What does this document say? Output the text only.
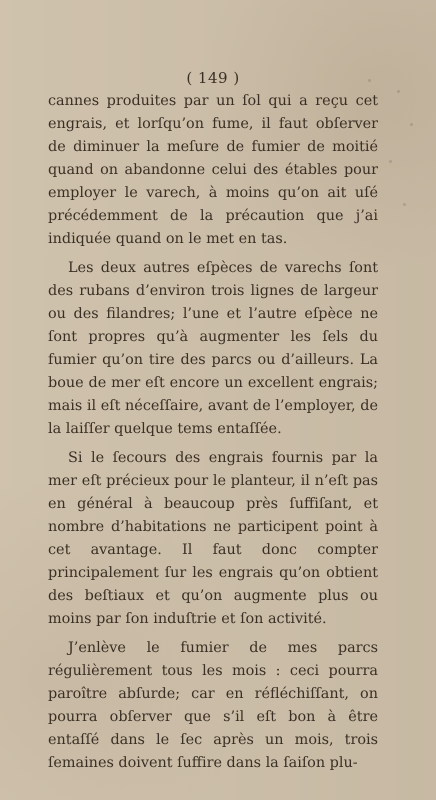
( 149 )

cannes produites par un ſol qui a reçu cet engrais, et lorſqu’on fume, il faut obſerver de diminuer la meſure de fumier de moitié quand on abandonne celui des étables pour employer le varech, à moins qu’on ait uſé précédemment de la précaution que j’ai indiquée quand on le met en tas.

Les deux autres eſpèces de varechs ſont des rubans d’environ trois lignes de largeur ou des filandres; l’une et l’autre eſpèce ne ſont propres qu’à augmenter les ſels du fumier qu’on tire des parcs ou d’ailleurs. La boue de mer eſt encore un excellent engrais; mais il eſt néceſſaire, avant de l’employer, de la laiſſer quelque tems entaſſée.

Si le ſecours des engrais fournis par la mer eſt précieux pour le planteur, il n’eſt pas en général à beaucoup près ſuffiſant, et nombre d’habitations ne participent point à cet avantage. Il faut donc compter principalement ſur les engrais qu’on obtient des beſtiaux et qu’on augmente plus ou moins par ſon induſtrie et ſon activité.

J’enlève le fumier de mes parcs régulièrement tous les mois : ceci pourra paroître abſurde; car en réfléchiſſant, on pourra obſerver que s’il eſt bon à être entaſſé dans le ſec après un mois, trois ſemaines doivent ſuffire dans la ſaiſon plu-
